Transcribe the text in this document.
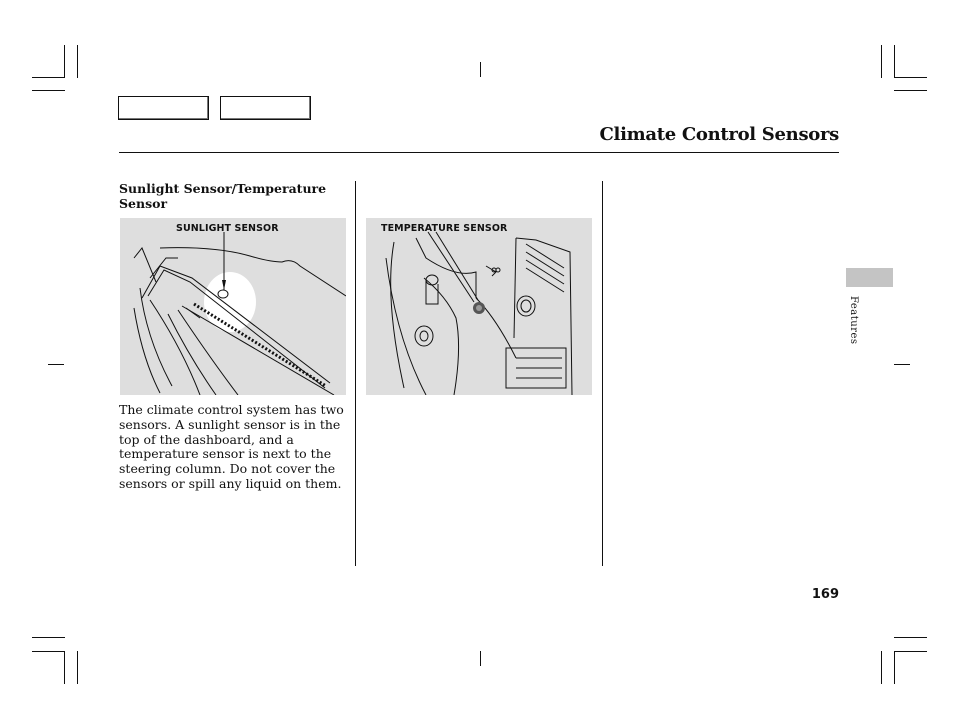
Climate Control Sensors
Sunlight Sensor/Temperature Sensor
SUNLIGHT SENSOR	TEMPERATURE SENSOR
The climate control system has two sensors. A sunlight sensor is in the top of the dashboard, and a temperature sensor is next to the steering column. Do not cover the sensors or spill any liquid on them.
Features
169
